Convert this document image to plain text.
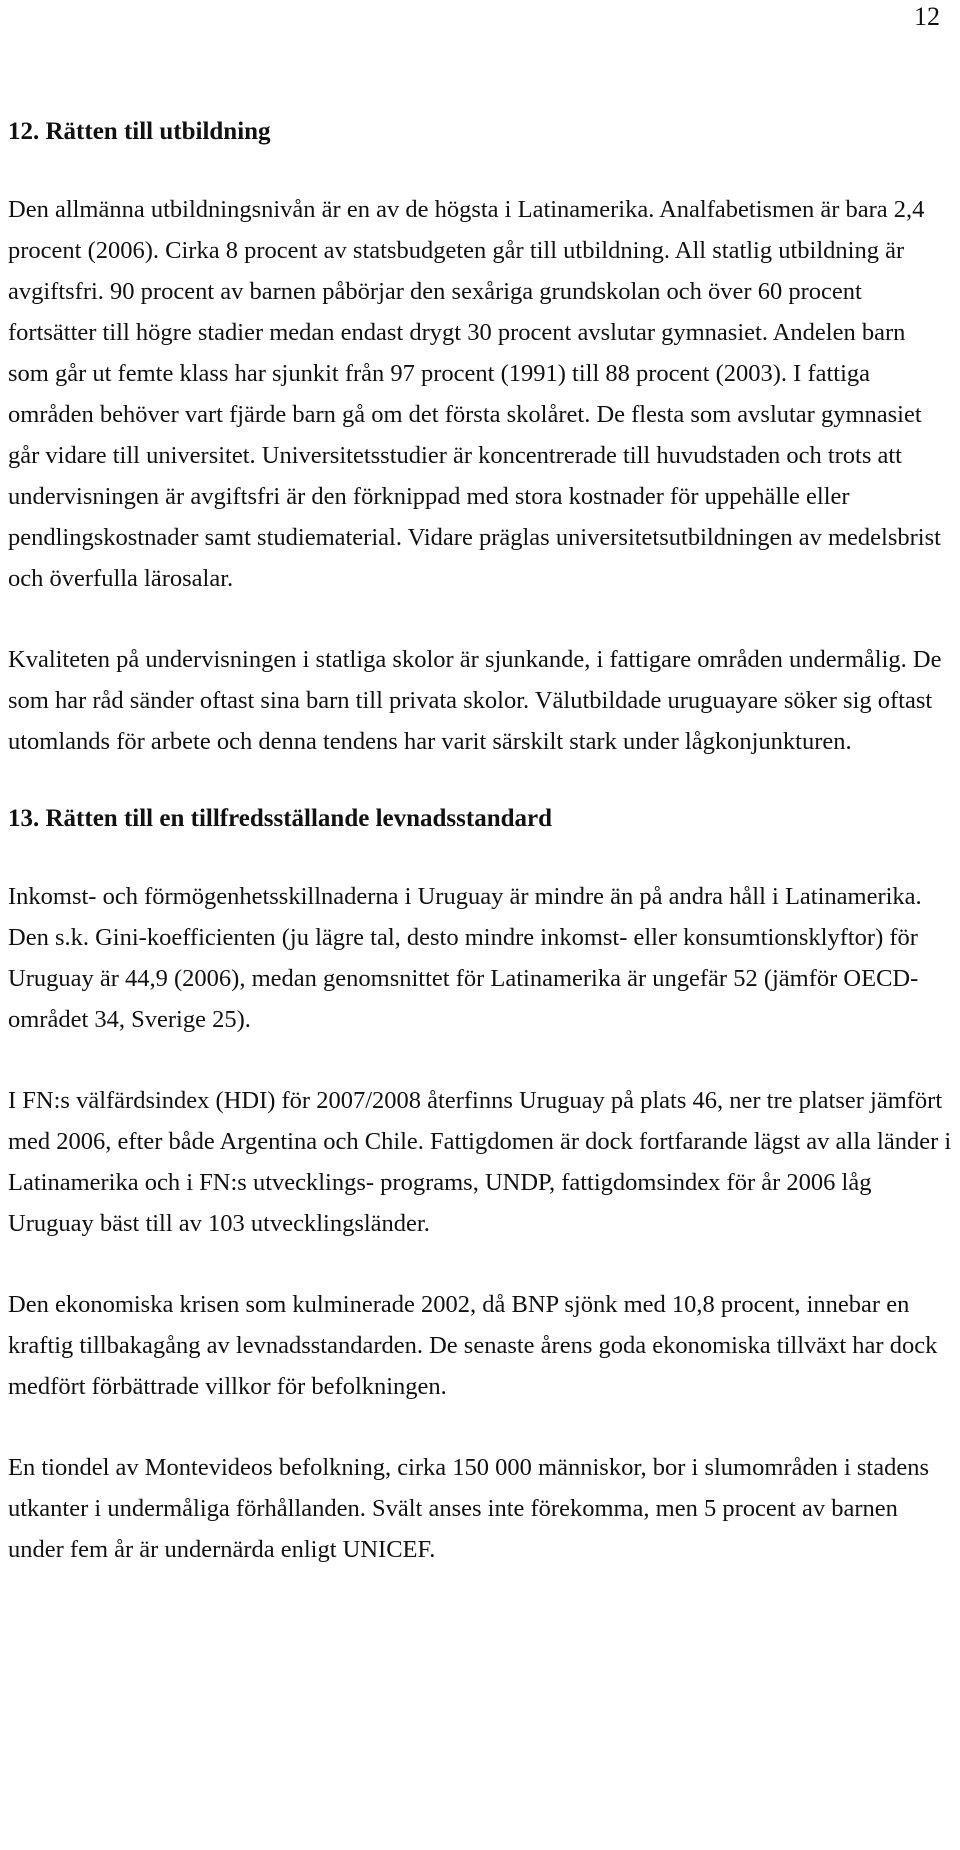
12
12. Rätten till utbildning

Den allmänna utbildningsnivån är en av de högsta i Latinamerika. Analfabetismen är bara 2,4 procent (2006). Cirka 8 procent av statsbudgeten går till utbildning. All statlig utbildning är avgiftsfri. 90 procent av barnen påbörjar den sexåriga grundskolan och över 60 procent fortsätter till högre stadier medan endast drygt 30 procent avslutar gymnasiet. Andelen barn som går ut femte klass har sjunkit från 97 procent (1991) till 88 procent (2003). I fattiga områden behöver vart fjärde barn gå om det första skolåret. De flesta som avslutar gymnasiet går vidare till universitet. Universitetsstudier är koncentrerade till huvudstaden och trots att undervisningen är avgiftsfri är den förknippad med stora kostnader för uppehälle eller pendlingskostnader samt studiematerial. Vidare präglas universitetsutbildningen av medelsbrist och överfulla lärosalar.

Kvaliteten på undervisningen i statliga skolor är sjunkande, i fattigare områden undermålig. De som har råd sänder oftast sina barn till privata skolor. Välutbildade uruguayare söker sig oftast utomlands för arbete och denna tendens har varit särskilt stark under lågkonjunkturen.

13. Rätten till en tillfredsställande levnadsstandard

Inkomst- och förmögenhetsskillnaderna i Uruguay är mindre än på andra håll i Latinamerika. Den s.k. Gini-koefficienten (ju lägre tal, desto mindre inkomst- eller konsumtionsklyftor) för Uruguay är 44,9 (2006), medan genomsnittet för Latinamerika är ungefär 52 (jämför OECD-området 34, Sverige 25).

I FN:s välfärdsindex (HDI) för 2007/2008 återfinns Uruguay på plats 46, ner tre platser jämfört med 2006, efter både Argentina och Chile. Fattigdomen är dock fortfarande lägst av alla länder i Latinamerika och i FN:s utvecklings- programs, UNDP, fattigdomsindex för år 2006 låg Uruguay bäst till av 103 utvecklingsländer.

Den ekonomiska krisen som kulminerade 2002, då BNP sjönk med 10,8 procent, innebar en kraftig tillbakagång av levnadsstandarden. De senaste årens goda ekonomiska tillväxt har dock medfört förbättrade villkor för befolkningen.

En tiondel av Montevideos befolkning, cirka 150 000 människor, bor i slumområden i stadens utkanter i undermåliga förhållanden. Svält anses inte förekomma, men 5 procent av barnen under fem år är undernärda enligt UNICEF.
